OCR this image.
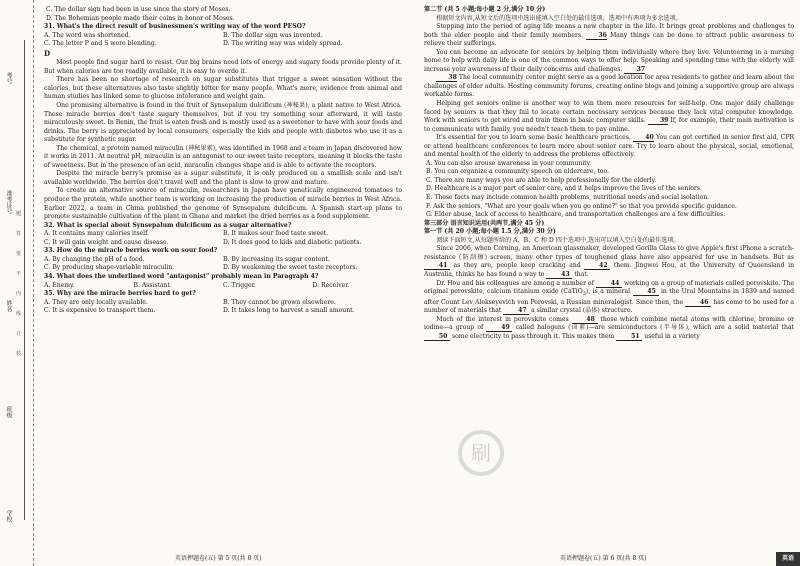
考号
准考证号
姓名
班级
学校
题
答
要
不
内
线
订
装

C. The dollar sign had been in use since the story of Moses.

D. The Bohemian people made their coins in honor of Moses.

31. What's the direct result of businessmen's writing way of the word PESO?

A. The word was shortened.	B. The dollar sign was invented.
C. The letter P and S were blending.	D. The writing way was widely spread.

D

Most people find sugar hard to resist. Our big brains need lots of energy and sugary foods provide plenty of it. But when calories are too readily available, it is easy to overdo it.

There has been no shortage of research on sugar substitutes that trigger a sweet sensation without the calories, but these alternatives also taste slightly bitter for many people. What's more, evidence from animal and human studies has linked some to glucose intolerance and weight gain.

One promising alternative is found in the fruit of Synsepalum dulcificum (神秘果), a plant native to West Africa. These miracle berries don't taste sugary themselves, but if you try something sour afterward, it will taste miraculously sweet. In Benin, the fruit is eaten fresh and is mostly used as a sweetener to have with sour foods and drinks. The berry is appreciated by local consumers, especially the kids and people with diabetes who use it as a substitute for synthetic sugar.

The chemical, a protein named miraculin (神秘果素), was identified in 1968 and a team in Japan discovered how it works in 2011. At neutral pH, miraculin is an antagonist to our sweet taste receptors, meaning it blocks the taste of sweetness. But in the presence of an acid, miraculin changes shape and is able to activate the receptors.

Despite the miracle berry's promise as a sugar substitute, it is only produced on a smallish scale and isn't available worldwide. The berries don't travel well and the plant is slow to grow and mature.

To create an alternative source of miraculin, researchers in Japan have genetically engineered tomatoes to produce the protein, while another team is working on increasing the production of miracle berries in West Africa. Earlier 2022, a team in China published the genome of Synsepalum dulcificum. A Spanish start-up plans to promote sustainable cultivation of the plant in Ghana and market the dried berries as a food supplement.

32. What is special about Synsepalum dulcificum as a sugar alternative?

A. It contains many calories itself.	B. It makes sour food taste sweet.
C. It will gain weight and cause disease.	D. It does good to kids and diabetic patients.

33. How do the miracle berries work on sour food?

A. By changing the pH of a food.	B. By increasing its sugar content.
C. By producing shape-variable miraculin.	D. By weakening the sweet taste receptors.

34. What does the underlined word "antagonist" probably mean in Paragraph 4?

A. Enemy.	B. Assistant.	C. Trigger.	D. Receiver.

35. Why are the miracle berries hard to get?

A. They are only locally available.	B. They cannot be grown elsewhere.
C. It is expensive to transport them.	D. It takes long to harvest a small amount.
英语押题卷(五) 第 5 页(共 8 页)
刷

第二节 (共 5 小题;每小题 2 分,满分 10 分)

根据短文内容,从短文后的选项中选出能填入空白处的最佳选项。选项中有两项为多余选项。

Stepping into the period of aging life means a new chapter in the life. It brings great problems and challenges to both the elder people and their family members.	36 Many things can be done to attract public awareness to relieve their sufferings.

You can become an advocate for seniors by helping them individually where they live. Volunteering in a nursing home to help with daily life is one of the common ways to offer help. Speaking and spending time with the elderly will increase your awareness of their daily concerns and challenges. 37

38 The local community center might serve as a good location for area residents to gather and learn about the challenges of elder adults. Hosting community forums, creating online blogs and joining a supportive group are always workable forms.

Helping get seniors online is another way to win them more resources for self-help. One major daily challenge faced by seniors is that they fail to locate certain necessary services because they lack vital computer knowledge. Work with seniors to get wired and train them in basic computer skills. 39 If, for example, their main motivation is to communicate with family, you needn't teach them to pay online.

It's essential for you to learn some basic healthcare practices. 40 You can get certified in senior first aid, CPR or attend healthcare conferences to learn more about senior care. Try to learn about the physical, social, emotional, and mental health of the elderly to address the problems effectively.

A. You can also arouse awareness in your community.

B. You can organize a community speech on eldercare, too.

C. There are many ways you are able to help professionally for the elderly.

D. Healthcare is a major part of senior care, and it helps improve the lives of the seniors.

E. These facts may include common health problems, nutritional needs and social isolation.

F. Ask the seniors, "What are your goals when you go online?" so that you provide specific guidance.

G. Elder abuse, lack of access to healthcare, and transportation challenges are a few difficulties.

第三部分 语言知识运用(共两节,满分 45 分)

第一节 (共 20 小题;每小题 1.5 分,满分 30 分)

阅读下面短文,从每题所给的 A、B、C 和 D 四个选项中,选出可以填入空白处的最佳选项。

Since 2006, when Corning, an American glassmaker, developed Gorilla Glass to give Apple's first iPhone a scratch-resistance (防刮擦) screen, many other types of toughened glass have also appeared for use in handsets. But as 41 as they are, people keep cracking and	42 them. Jingwei Hou, at the University of Queensland in Australia, thinks he has found a way to	43 that.

Dr. Hou and his colleagues are among a number of	44 working on a group of materials called perovskite. The original perovskite, calcium titanium oxide (CaTiO$_3$), is a mineral	45 in the Ural Mountains in 1839 and named after Count Lev Alekseyevich von Perovski, a Russian mineralogist. Since then, the	46 has come to be used for a number of materials that	47 a similar crystal (晶体) structure.

Much of the interest in perovskite comes	48 those which combine metal atoms with chlorine, bromine or iodine—a group of	49 called halogens (卤素)—are semiconductors (半导体), which are a solid material that 50 some electricity to pass through it. This makes them	51 useful in a variety

英语押题卷(五) 第 6 页(共 8 页)	英语
